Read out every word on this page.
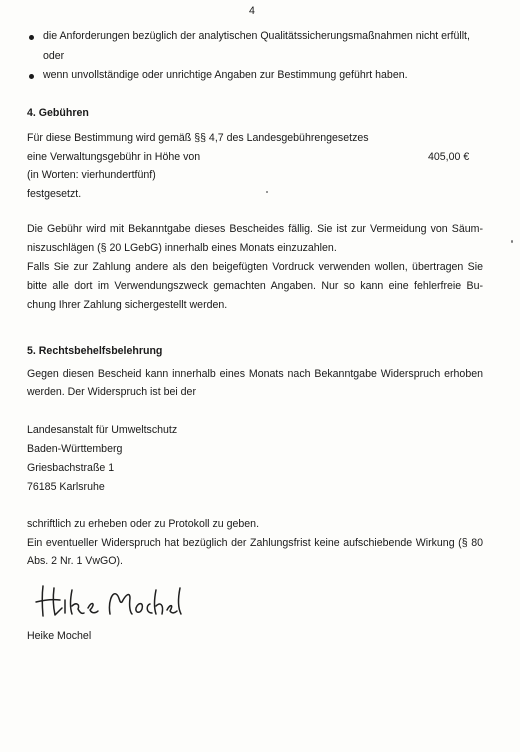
4
die Anforderungen bezüglich der analytischen Qualitätssicherungsmaßnahmen nicht erfüllt,
oder
wenn unvollständige oder unrichtige Angaben zur Bestimmung geführt haben.
4. Gebühren
Für diese Bestimmung wird gemäß §§ 4,7 des Landesgebührengesetzes
eine Verwaltungsgebühr in Höhe von	405,00 €
(in Worten: vierhundertfünf)
festgesetzt.
Die Gebühr wird mit Bekanntgabe dieses Bescheides fällig. Sie ist zur Vermeidung von Säum-
niszuschlägen (§ 20 LGebG) innerhalb eines Monats einzuzahlen.
Falls Sie zur Zahlung andere als den beigefügten Vordruck verwenden wollen, übertragen Sie
bitte alle dort im Verwendungszweck gemachten Angaben. Nur so kann eine fehlerfreie Bu-
chung Ihrer Zahlung sichergestellt werden.
5. Rechtsbehelfsbelehrung
Gegen diesen Bescheid kann innerhalb eines Monats nach Bekanntgabe Widerspruch erhoben
werden. Der Widerspruch ist bei der
Landesanstalt für Umweltschutz
Baden-Württemberg
Griesbachstraße 1
76185 Karlsruhe
schriftlich zu erheben oder zu Protokoll zu geben.
Ein eventueller Widerspruch hat bezüglich der Zahlungsfrist keine aufschiebende Wirkung (§ 80
Abs. 2 Nr. 1 VwGO).
Heike Mochel
